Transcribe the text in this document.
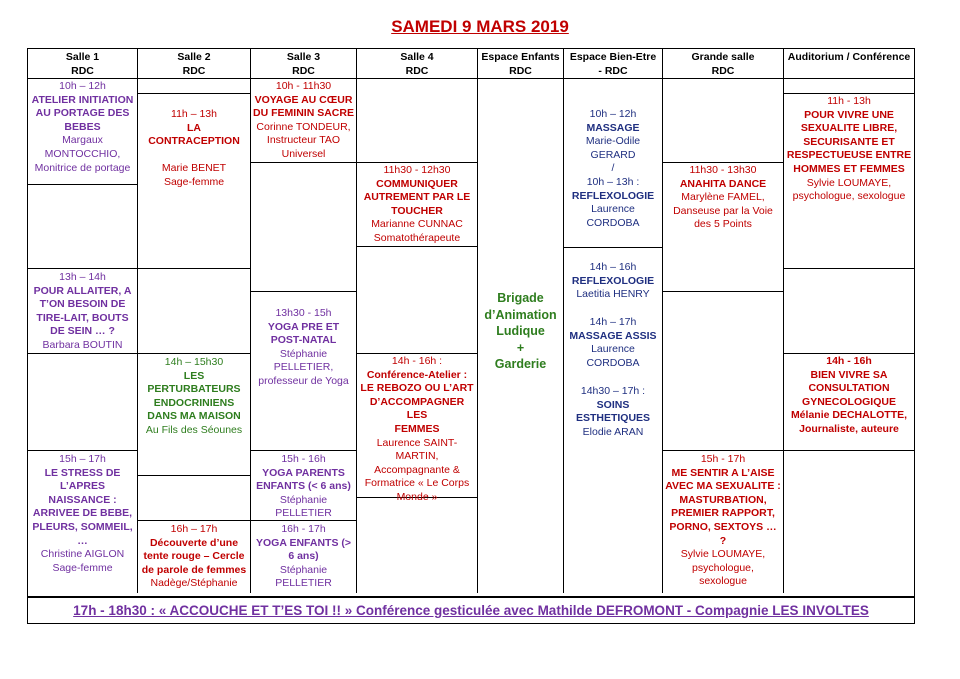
SAMEDI 9 MARS 2019
Salle 1
RDC
Salle 2
RDC
Salle 3
RDC
Salle 4
RDC
Espace Enfants
RDC
Espace Bien-Etre
- RDC
Grande salle
RDC
Auditorium / Conférence
10h – 12h
ATELIER INITIATION
AU PORTAGE DES
BEBES
Margaux
MONTOCCHIO,
Monitrice de portage
13h – 14h
POUR ALLAITER, A
T’ON BESOIN DE
TIRE-LAIT, BOUTS
DE SEIN … ?
Barbara BOUTIN
15h – 17h
LE STRESS DE
L’APRES
NAISSANCE :
ARRIVEE DE BEBE,
PLEURS, SOMMEIL,
…
Christine AIGLON
Sage-femme
11h – 13h
LA CONTRACEPTION
Marie BENET
Sage-femme
14h – 15h30
LES PERTURBATEURS
ENDOCRINIENS
DANS MA MAISON
Au Fils des Séounes
16h – 17h
Découverte d’une
tente rouge – Cercle
de parole de femmes
Nadège/Stéphanie
10h - 11h30
VOYAGE AU CŒUR
DU FEMININ SACRE
Corinne TONDEUR,
Instructeur TAO
Universel
13h30 - 15h
YOGA PRE ET
POST-NATAL
Stéphanie
PELLETIER,
professeur de Yoga
15h - 16h
YOGA PARENTS
ENFANTS (< 6 ans)
Stéphanie
PELLETIER
16h - 17h
YOGA ENFANTS (>
6 ans)
Stéphanie
PELLETIER
11h30 - 12h30
COMMUNIQUER
AUTREMENT PAR LE
TOUCHER
Marianne CUNNAC
Somatothérapeute
14h - 16h :
Conférence-Atelier :
LE REBOZO OU L’ART
D’ACCOMPAGNER LES
FEMMES
Laurence SAINT-
MARTIN,
Accompagnante &
Formatrice « Le Corps
Monde »
Brigade
d’Animation
Ludique
+
Garderie
10h – 12h
MASSAGE
Marie-Odile
GERARD
/
10h – 13h :
REFLEXOLOGIE
Laurence
CORDOBA
14h – 16h
REFLEXOLOGIE
Laetitia HENRY
14h – 17h
MASSAGE ASSIS
Laurence
CORDOBA
14h30 – 17h :
SOINS
ESTHETIQUES
Elodie ARAN
11h30 - 13h30
ANAHITA DANCE
Marylène FAMEL,
Danseuse par la Voie
des 5 Points
15h - 17h
ME SENTIR A L’AISE
AVEC MA SEXUALITE :
MASTURBATION,
PREMIER RAPPORT,
PORNO, SEXTOYS … ?
Sylvie LOUMAYE,
psychologue,
sexologue
11h - 13h
POUR VIVRE UNE
SEXUALITE LIBRE,
SECURISANTE ET
RESPECTUEUSE ENTRE
HOMMES ET FEMMES
Sylvie LOUMAYE,
psychologue, sexologue
14h - 16h
BIEN VIVRE SA
CONSULTATION
GYNECOLOGIQUE
Mélanie DECHALOTTE,
Journaliste, auteure
17h - 18h30 : « ACCOUCHE ET T’ES TOI !! » Conférence gesticulée avec Mathilde DEFROMONT - Compagnie LES INVOLTES
